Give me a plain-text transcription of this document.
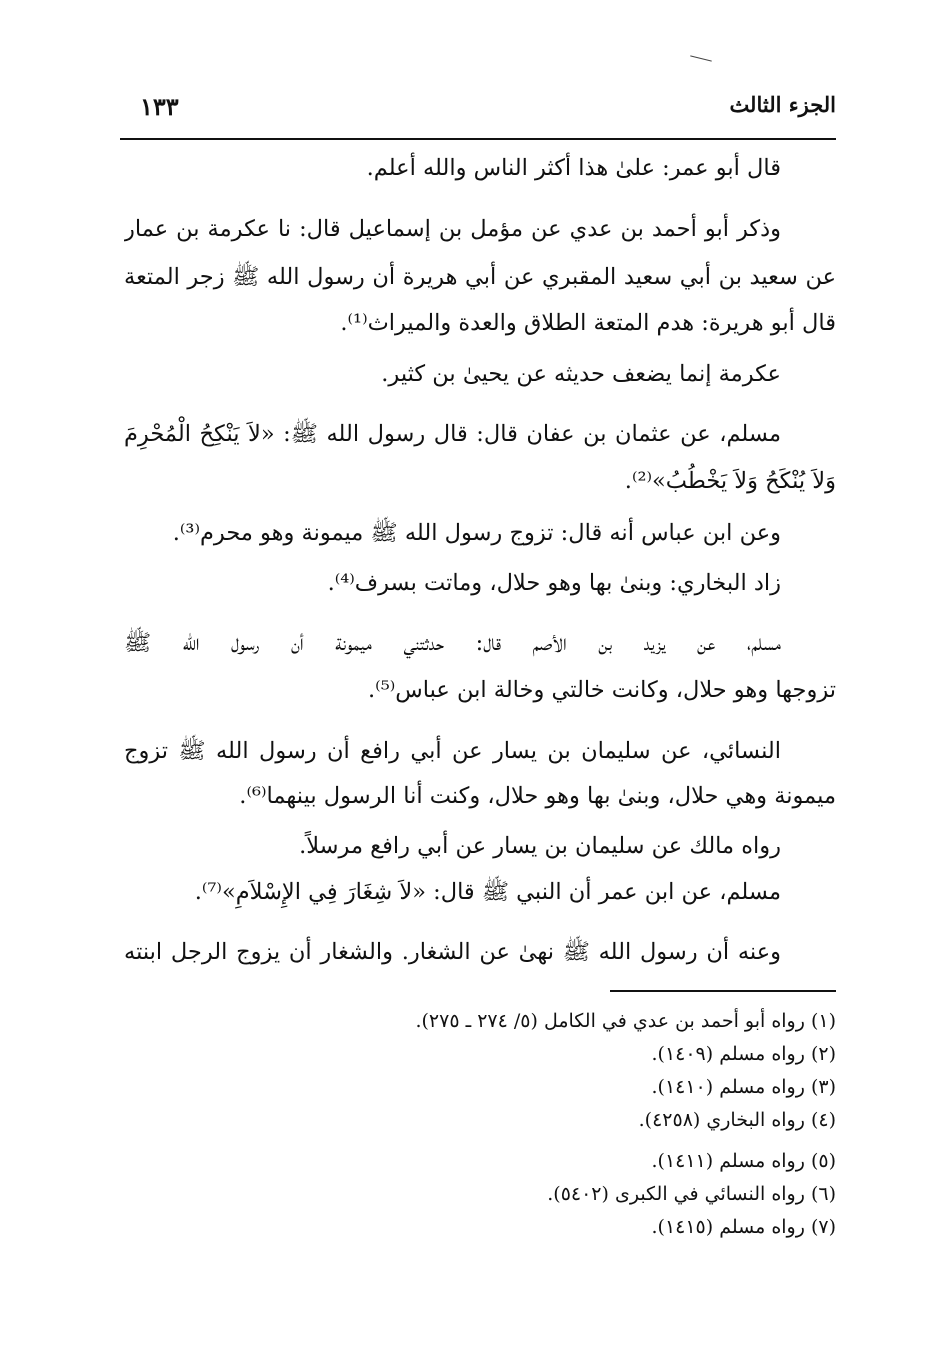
الجزء الثالث
١٣٣
قال أبو عمر: علىٰ هذا أكثر الناس والله أعلم.
وذكر أبو أحمد بن عدي عن مؤمل بن إسماعيل قال: نا عكرمة بن عمار
عن سعيد بن أبي سعيد المقبري عن أبي هريرة أن رسول الله ﷺ زجر المتعة
قال أبو هريرة: هدم المتعة الطلاق والعدة والميراث⁽¹⁾.
عكرمة إنما يضعف حديثه عن يحيىٰ بن كثير.
مسلم، عن عثمان بن عفان قال: قال رسول الله ﷺ: «لاَ يَنْكِحُ الْمُحْرِمَ
وَلاَ يُنْكَحُ وَلاَ يَخْطُبُ»⁽²⁾.
وعن ابن عباس أنه قال: تزوج رسول الله ﷺ ميمونة وهو محرم⁽³⁾.
زاد البخاري: وبنىٰ بها وهو حلال، وماتت بسرف⁽⁴⁾.
مسلم، عن يزيد بن الأصم قال: حدثتني ميمونة أن رسول الله ﷺ
تزوجها وهو حلال، وكانت خالتي وخالة ابن عباس⁽⁵⁾.
النسائي، عن سليمان بن يسار عن أبي رافع أن رسول الله ﷺ تزوج
ميمونة وهي حلال، وبنىٰ بها وهو حلال، وكنت أنا الرسول بينهما⁽⁶⁾.
رواه مالك عن سليمان بن يسار عن أبي رافع مرسلاً.
مسلم، عن ابن عمر أن النبي ﷺ قال: «لاَ شِغَارَ فِي الإِسْلاَمِ»⁽⁷⁾.
وعنه أن رسول الله ﷺ نهىٰ عن الشغار. والشغار أن يزوج الرجل ابنته
(١) رواه أبو أحمد بن عدي في الكامل (٥/ ٢٧٤ ـ ٢٧٥).
(٢) رواه مسلم (١٤٠٩).
(٣) رواه مسلم (١٤١٠).
(٤) رواه البخاري (٤٢٥٨).
(٥) رواه مسلم (١٤١١).
(٦) رواه النسائي في الكبرى (٥٤٠٢).
(٧) رواه مسلم (١٤١٥).
